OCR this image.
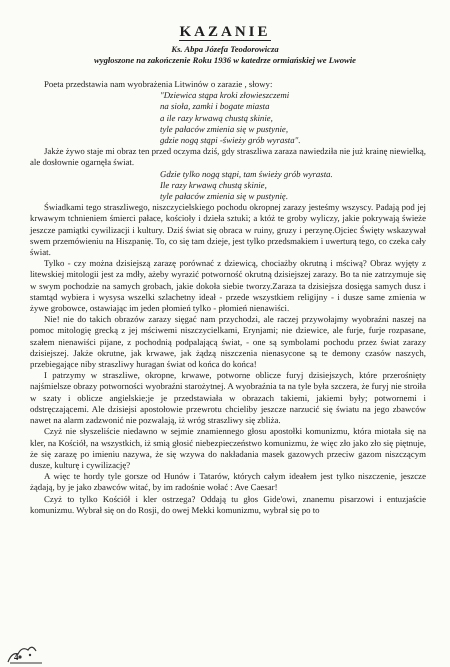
KAZANIE
Ks. Abpa Józefa Teodorowicza
wygłoszone na zakończenie Roku 1936 w katedrze ormiańskiej we Lwowie

Poeta przedstawia nam wyobrażenia Litwinów o zarazie , słowy:

"Dziewica stąpa kroki złowieszczemi
na sioła, zamki i bogate miasta
a ile razy krwawą chustą skinie,
tyle pałaców zmienia się w pustynie,
gdzie nogą stąpi -świeży grób wyrasta".

Jakże żywo staje mi obraz ten przed oczyma dziś, gdy straszliwa zaraza nawiedziła nie już krainę niewielką, ale dosłownie ogarnęła świat.

Gdzie tylko nogą stąpi, tam świeży grób wyrasta.
Ile razy krwawą chustą skinie,
tyle pałaców zmienia się w pustynię.

Świadkami tego straszliwego, niszczycielskiego pochodu okropnej zarazy jesteśmy wszyscy. Padają pod jej krwawym tchnieniem śmierci pałace, kościoły i dzieła sztuki; a któż te groby wyliczy, jakie pokrywają świeże jeszcze pamiątki cywilizacji i kultury. Dziś świat się obraca w ruiny, gruzy i perzynę.Ojciec Święty wskazywał swem przemówieniu na Hiszpanię. To, co się tam dzieje, jest tylko przedsmakiem i uwerturą tego, co czeka cały świat.

Tylko - czy można dzisiejszą zarazę porównać z dziewicą, chociażby okrutną i mściwą? Obraz wyjęty z litewskiej mitologii jest za mdły, ażeby wyrazić potworność okrutną dzisiejszej zarazy. Bo ta nie zatrzymuje się w swym pochodzie na samych grobach, jakie dokoła siebie tworzy.Zaraza ta dzisiejsza dosięga samych dusz i stamtąd wybiera i wysysa wszelki szlachetny ideał - przede wszystkiem religijny - i dusze same zmienia w żywe grobowce, ostawiając im jeden płomień tylko - płomień nienawiści.

Nie! nie do takich obrazów zarazy sięgać nam przychodzi, ale raczej przywołajmy wyobraźni naszej na pomoc mitologię grecką z jej mściwemi niszczycielkami, Erynjami; nie dziewice, ale furje, furje rozpasane, szałem nienawiści pijane, z pochodnią podpalającą świat, - one są symbolami pochodu przez świat zarazy dzisiejszej. Jakże okrutne, jak krwawe, jak żądzą niszczenia nienasycone są te demony czasów naszych, przebiegające niby straszliwy huragan świat od końca do końca!

I patrzymy w straszliwe, okropne, krwawe, potworne oblicze furyj dzisiejszych, które przerośnięty najśmielsze obrazy potworności wyobraźni starożytnej. A wyobraźnia ta na tyle była szczera, że furyj nie stroiła w szaty i oblicze angielskie;je je przedstawiała w obrazach takiemi, jakiemi były; potwornemi i odstręczającemi. Ale dzisiejsi apostołowie przewrotu chcieliby jeszcze narzucić się światu na jego zbawców nawet na alarm zadzwonić nie pozwalają, iż wróg straszliwy się zbliża.

Czyż nie słyszeliście niedawno w sejmie znamiennego głosu apostołki komunizmu, która miotała się na kler, na Kościół, na wszystkich, iż smią głosić niebezpieczeństwo komunizmu, że więc zło jako zło się piętnuje, że się zarazę po imieniu nazywa, że się wzywa do nakładania masek gazowych przeciw gazom niszczącym dusze, kulturę i cywilizację?

A więc te hordy tyle gorsze od Hunów i Tatarów, których całym ideałem jest tylko niszczenie, jeszcze żądają, by je jako zbawców witać, by im radośnie wołać : Ave Caesar!

Czyż to tylko Kościół i kler ostrzega? Oddają tu głos Gide'owi, znanemu pisarzowi i entuzjaście komunizmu. Wybrał się on do Rosji, do owej Mekki komunizmu, wybrał się po to

4
